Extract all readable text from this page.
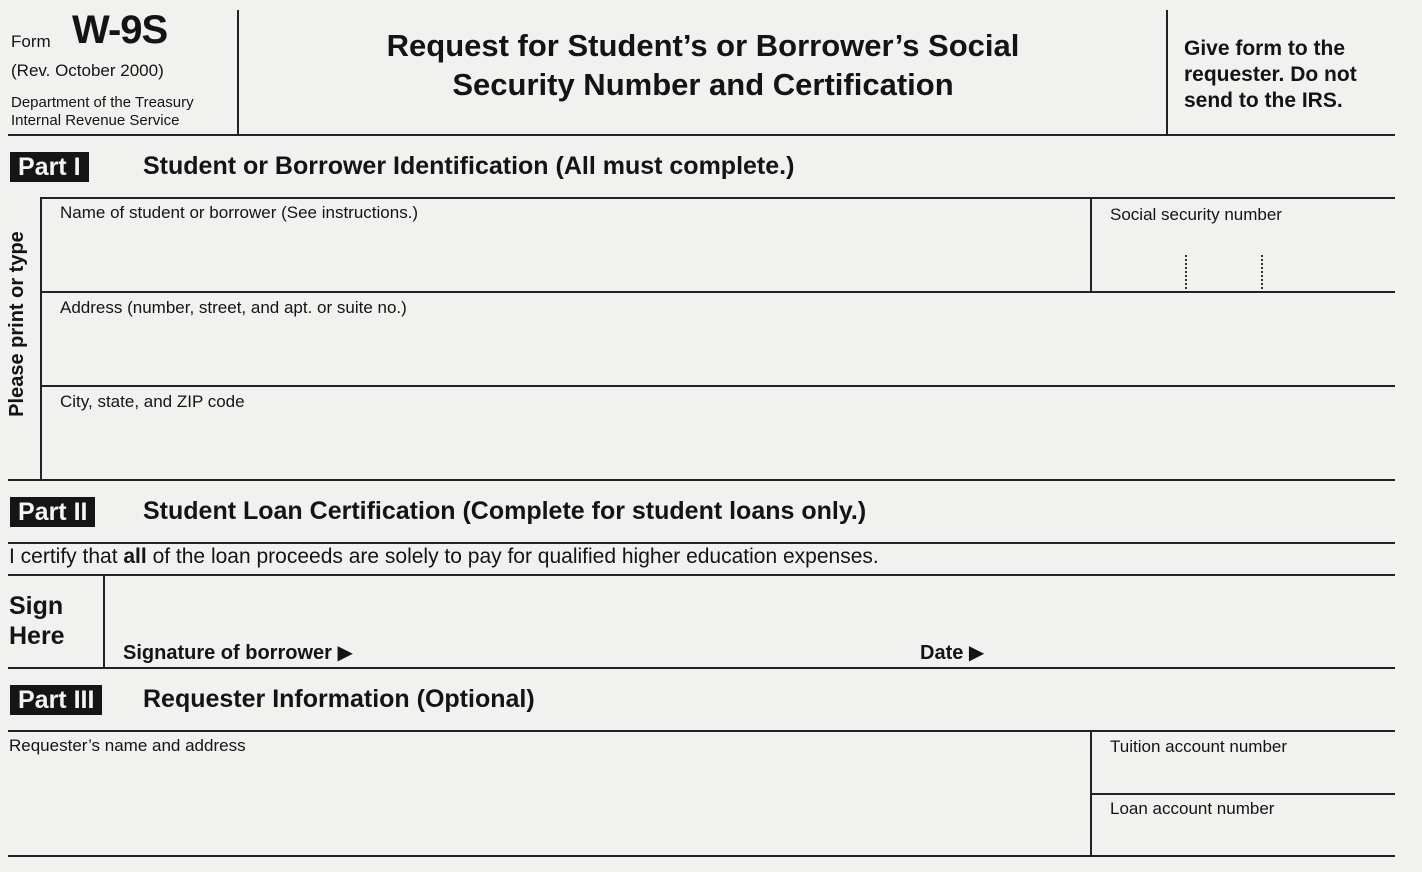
Form W-9S
(Rev. October 2000)
Department of the Treasury
Internal Revenue Service
Request for Student’s or Borrower’s Social
Security Number and Certification
Give form to the
requester. Do not
send to the IRS.
Part I	Student or Borrower Identification (All must complete.)
Please print or type
Name of student or borrower (See instructions.)	Social security number
Address (number, street, and apt. or suite no.)
City, state, and ZIP code
Part II	Student Loan Certification (Complete for student loans only.)
I certify that all of the loan proceeds are solely to pay for qualified higher education expenses.
Sign
Here
Signature of borrower ▶	Date ▶
Part III	Requester Information (Optional)
Requester’s name and address	Tuition account number
Loan account number
